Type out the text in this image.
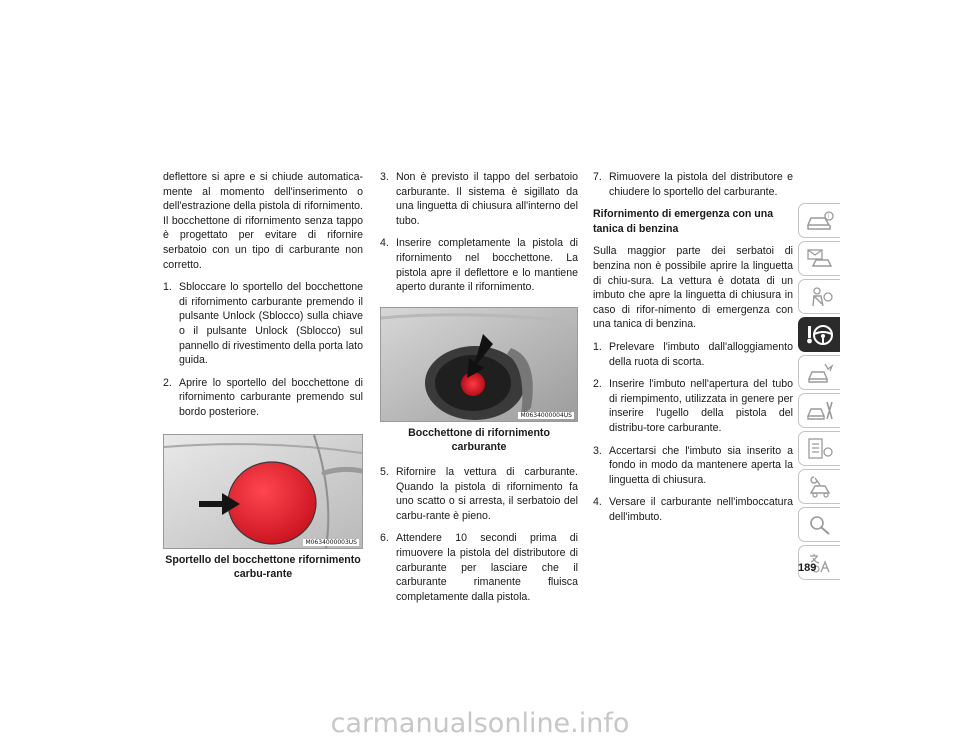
deflettore si apre e si chiude automatica-mente al momento dell'inserimento o dell'estrazione della pistola di rifornimento. Il bocchettone di rifornimento senza tappo è progettato per evitare di rifornire serbatoio con un tipo di carburante non corretto.

1. Sbloccare lo sportello del bocchettone di rifornimento carburante premendo il pulsante Unlock (Sblocco) sulla chiave o il pulsante Unlock (Sblocco) sul pannello di rivestimento della porta lato guida.
2. Aprire lo sportello del bocchettone di rifornimento carburante premendo sul bordo posteriore.
M0634000003US
Sportello del bocchettone rifornimento carbu-rante
3. Non è previsto il tappo del serbatoio carburante. Il sistema è sigillato da una linguetta di chiusura all'interno del tubo.
4. Inserire completamente la pistola di rifornimento nel bocchettone. La pistola apre il deflettore e lo mantiene aperto durante il rifornimento.
M0634000004US
Bocchettone di rifornimento carburante
5. Rifornire la vettura di carburante. Quando la pistola di rifornimento fa uno scatto o si arresta, il serbatoio del carbu-rante è pieno.
6. Attendere 10 secondi prima di rimuovere la pistola del distributore di carburante per lasciare che il carburante rimanente fluisca completamente dalla pistola.
7. Rimuovere la pistola del distributore e chiudere lo sportello del carburante.
Rifornimento di emergenza con una tanica di benzina

Sulla maggior parte dei serbatoi di benzina non è possibile aprire la linguetta di chiu-sura. La vettura è dotata di un imbuto che apre la linguetta di chiusura in caso di rifor-nimento di emergenza con una tanica di benzina.

1. Prelevare l'imbuto dall'alloggiamento della ruota di scorta.
2. Inserire l'imbuto nell'apertura del tubo di riempimento, utilizzata in genere per inserire l'ugello della pistola del distribu-tore carburante.
3. Accertarsi che l'imbuto sia inserito a fondo in modo da mantenere aperta la linguetta di chiusura.
4. Versare il carburante nell'imboccatura dell'imbuto.
i
189
carmanualsonline.info
